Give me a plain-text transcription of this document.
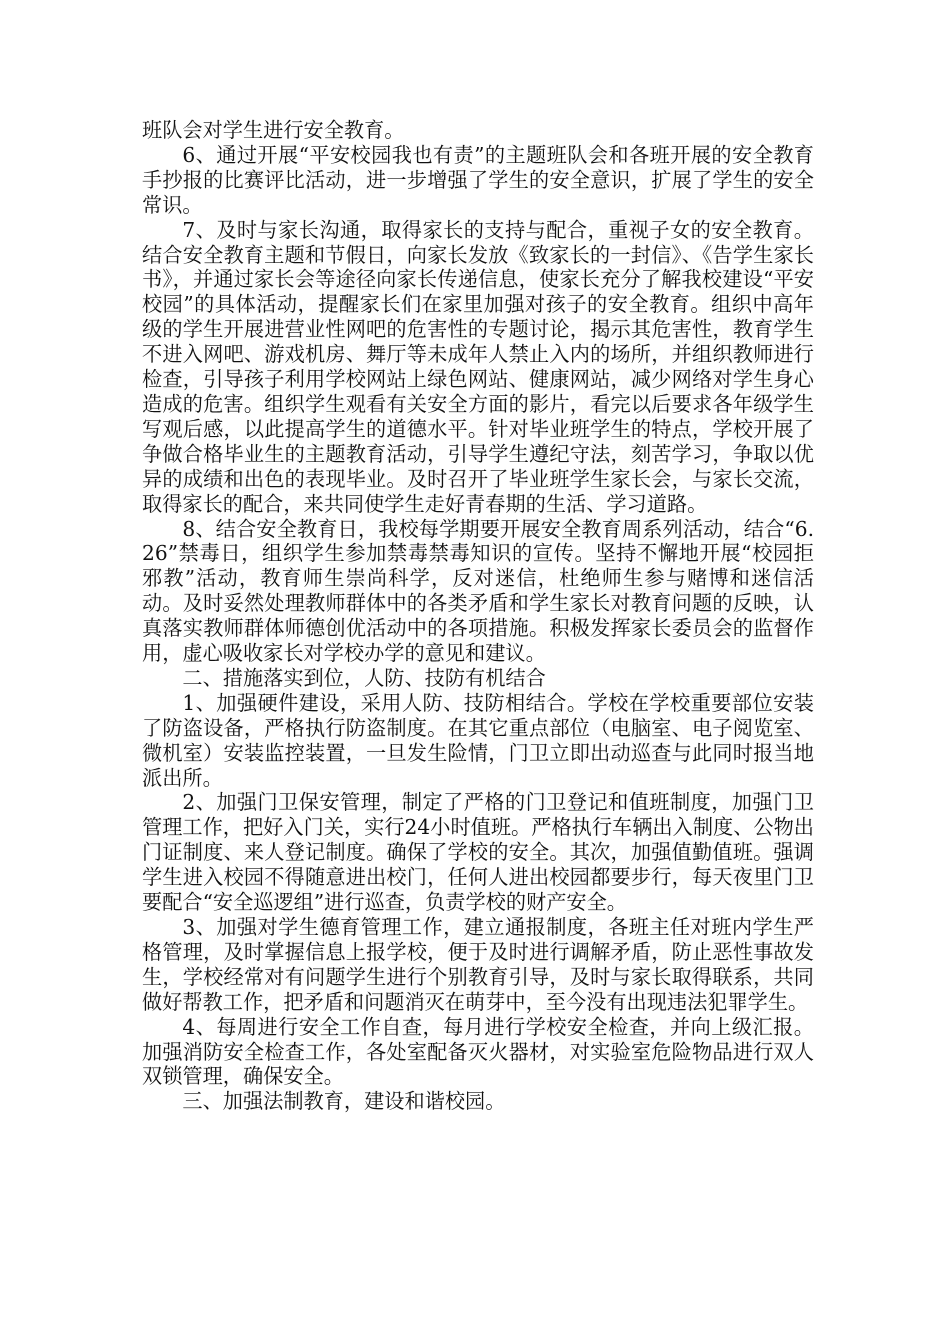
班队会对学生进行安全教育。

6、通过开展“平安校园我也有责”的主题班队会和各班开展的安全教育手抄报的比赛评比活动，进一步增强了学生的安全意识，扩展了学生的安全常识。

7、及时与家长沟通，取得家长的支持与配合，重视子女的安全教育。结合安全教育主题和节假日，向家长发放《致家长的一封信》、《告学生家长书》，并通过家长会等途径向家长传递信息，使家长充分了解我校建设“平安校园”的具体活动，提醒家长们在家里加强对孩子的安全教育。组织中高年级的学生开展进营业性网吧的危害性的专题讨论，揭示其危害性，教育学生不进入网吧、游戏机房、舞厅等未成年人禁止入内的场所，并组织教师进行检查，引导孩子利用学校网站上绿色网站、健康网站，减少网络对学生身心造成的危害。组织学生观看有关安全方面的影片，看完以后要求各年级学生写观后感，以此提高学生的道德水平。针对毕业班学生的特点，学校开展了争做合格毕业生的主题教育活动，引导学生遵纪守法，刻苦学习，争取以优异的成绩和出色的表现毕业。及时召开了毕业班学生家长会，与家长交流，取得家长的配合，来共同使学生走好青春期的生活、学习道路。

8、结合安全教育日，我校每学期要开展安全教育周系列活动，结合“6.26”禁毒日，组织学生参加禁毒禁毒知识的宣传。坚持不懈地开展“校园拒邪教”活动，教育师生崇尚科学，反对迷信，杜绝师生参与赌博和迷信活动。及时妥然处理教师群体中的各类矛盾和学生家长对教育问题的反映，认真落实教师群体师德创优活动中的各项措施。积极发挥家长委员会的监督作用，虚心吸收家长对学校办学的意见和建议。

二、措施落实到位，人防、技防有机结合

1、加强硬件建设，采用人防、技防相结合。学校在学校重要部位安装了防盗设备，严格执行防盗制度。在其它重点部位（电脑室、电子阅览室、微机室）安装监控装置，一旦发生险情，门卫立即出动巡查与此同时报当地派出所。

2、加强门卫保安管理，制定了严格的门卫登记和值班制度，加强门卫管理工作，把好入门关，实行24小时值班。严格执行车辆出入制度、公物出门证制度、来人登记制度。确保了学校的安全。其次，加强值勤值班。强调学生进入校园不得随意进出校门，任何人进出校园都要步行，每天夜里门卫要配合“安全巡逻组”进行巡查，负责学校的财产安全。

3、加强对学生德育管理工作，建立通报制度，各班主任对班内学生严格管理，及时掌握信息上报学校，便于及时进行调解矛盾，防止恶性事故发生，学校经常对有问题学生进行个别教育引导，及时与家长取得联系，共同做好帮教工作，把矛盾和问题消灭在萌芽中，至今没有出现违法犯罪学生。

4、每周进行安全工作自查，每月进行学校安全检查，并向上级汇报。加强消防安全检查工作，各处室配备灭火器材，对实验室危险物品进行双人双锁管理，确保安全。

三、加强法制教育，建设和谐校园。
